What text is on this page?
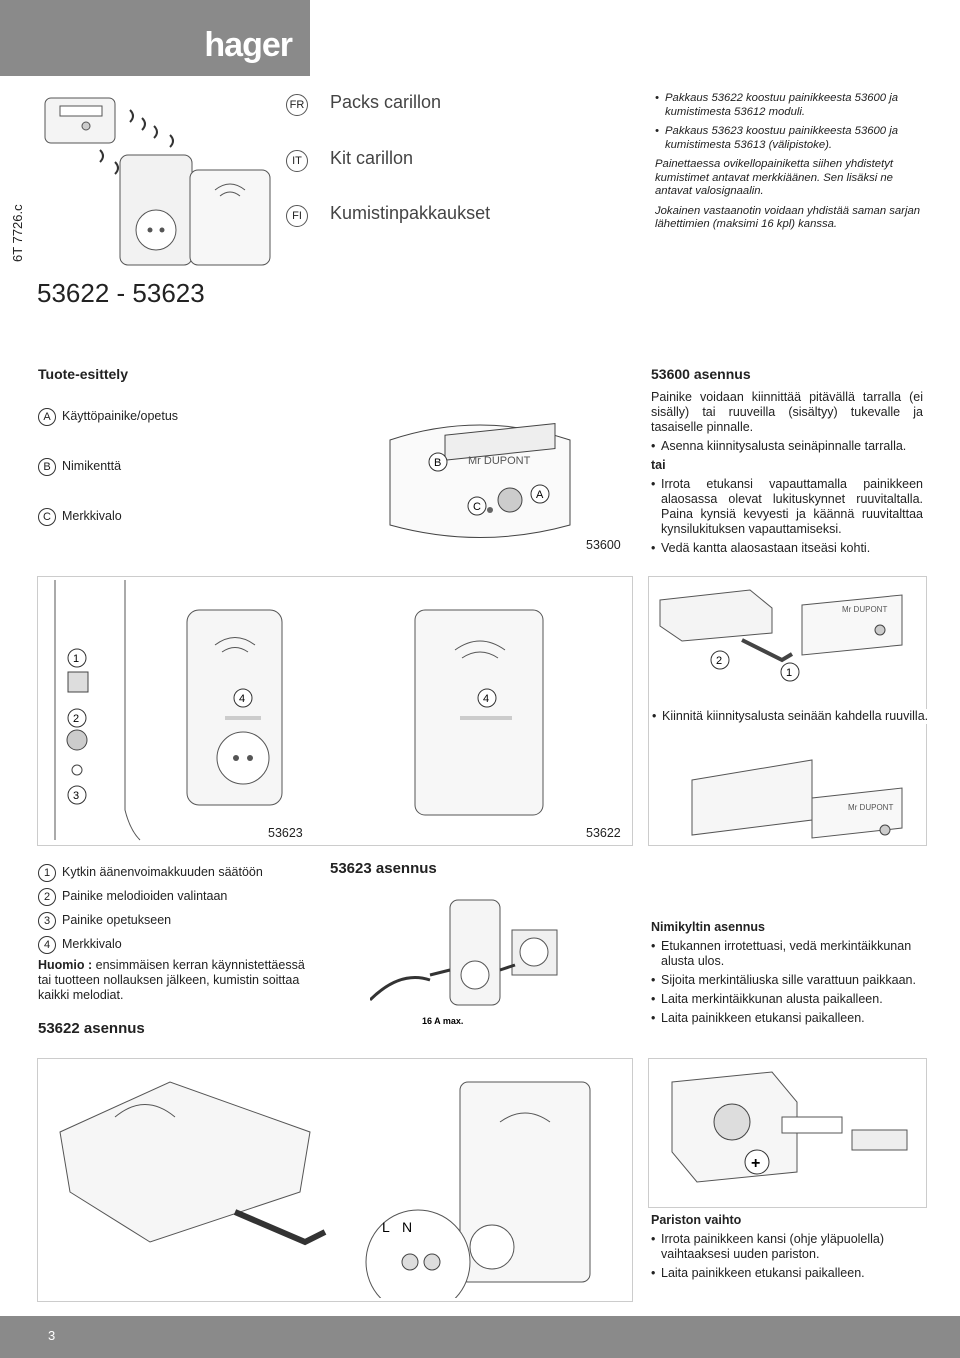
hager
6T 7726.c
FR Packs carillon
IT	Kit carillon
FI	Kumistinpakkaukset

• Pakkaus 53622 koostuu painikkeesta 53600 ja kumistimesta 53612 moduli.

• Pakkaus 53623 koostuu painikkeesta 53600 ja kumistimesta 53613 (välipistoke).

Painettaessa ovikellopainiketta siihen yhdistetyt kumistimet antavat merkkiäänen. Sen lisäksi ne antavat valosignaalin.

Jokainen vastaanotin voidaan yhdistää saman sarjan lähettimien (maksimi 16 kpl) kanssa.

53622 - 53623
Tuote-esittely
A Käyttöpainike/opetus
B Nimikenttä
C Merkkivalo
Mr DUPONT
B
C
A
53600
53600 asennus

Painike voidaan kiinnittää pitävällä tarralla (ei sisälly) tai ruuveilla (sisältyy) tukevalle ja tasaiselle pinnalle.

• Asenna kiinnitysalusta seinäpinnalle tarralla.

tai

• Irrota etukansi vapauttamalla painikkeen alaosassa olevat lukituskynnet ruuvitaltalla. Paina kynsiä kevyesti ja käännä ruuvitalttaa kynsilukituksen vapauttamiseksi.

• Vedä kantta alaosastaan itseäsi kohti.

1
2
3
4	4
53623	53622
Mr DUPONT
2
1
Mr DUPONT
• Kiinnitä kiinnitysalusta seinään kahdella ruuvilla.
1 Kytkin äänenvoimakkuuden säätöön
2 Painike melodioiden valintaan
3 Painike opetukseen
4 Merkkivalo
Huomio : ensimmäisen kerran käynnistettäessä tai tuotteen nollauksen jälkeen, kumistin soittaa kaikki melodiat.
53622 asennus
53623 asennus
16 A max.

Nimikyltin asennus

• Etukannen irrotettuasi, vedä merkintäikkunan alusta ulos.

• Sijoita merkintäliuska sille varattuun paikkaan.

• Laita merkintäikkunan alusta paikalleen.

• Laita painikkeen etukansi paikalleen.

L N
+

Pariston vaihto

• Irrota painikkeen kansi (ohje yläpuolella) vaihtaaksesi uuden pariston.

• Laita painikkeen etukansi paikalleen.

3
